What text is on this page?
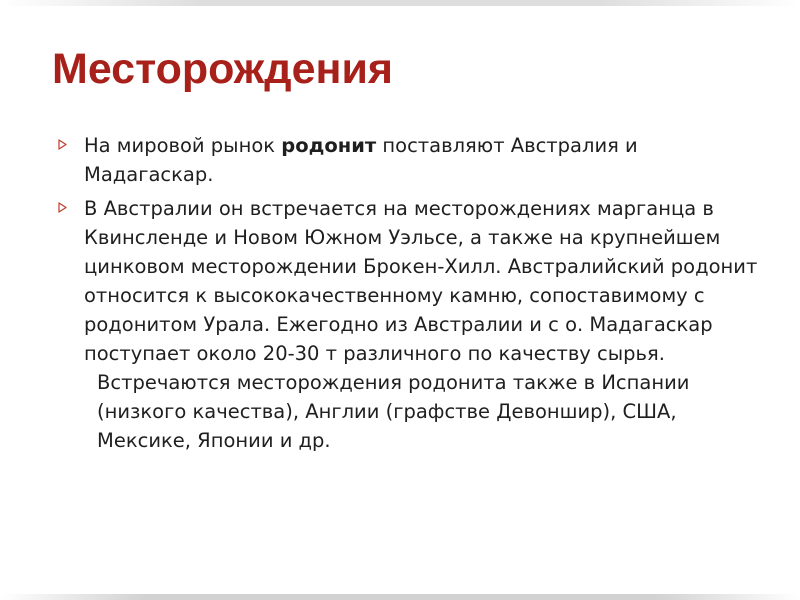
Месторождения
На мировой рынок родонит поставляют Австралия и Мадагаскар.
В Австралии он встречается на месторождениях марганца в Квинсленде и Новом Южном Уэльсе, а также на крупнейшем цинковом месторождении Брокен-Хилл. Австралийский родонит относится к высококачественному камню, сопоставимому с родонитом Урала. Ежегодно из Австралии и с о. Мадагаскар поступает около 20-30 т различного по качеству сырья.
Встречаются месторождения родонита также в Испании (низкого качества), Англии (графстве Девоншир), США, Мексике, Японии и др.
